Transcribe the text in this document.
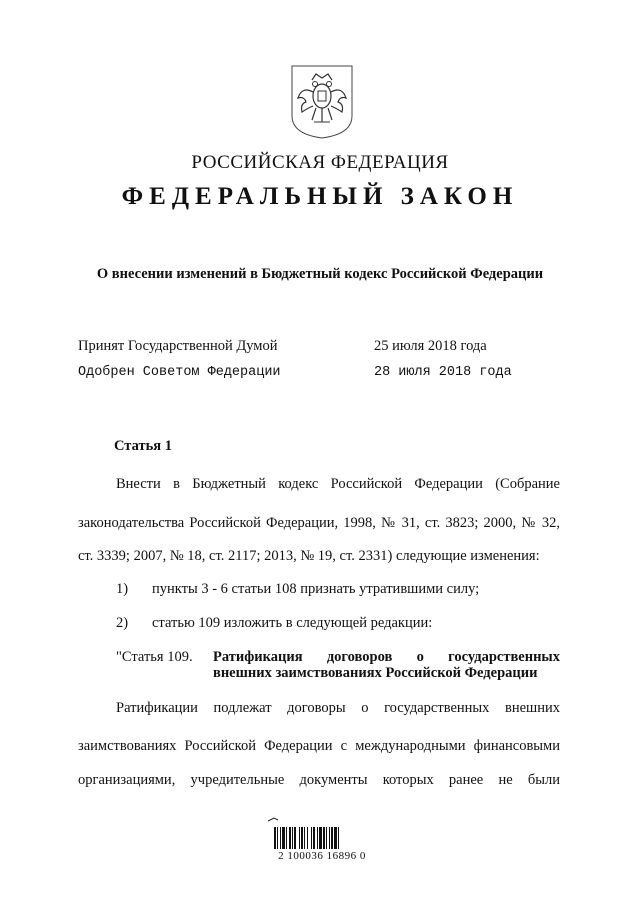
РОССИЙСКАЯ ФЕДЕРАЦИЯ
ФЕДЕРАЛЬНЫЙ ЗАКОН
О внесении изменений в Бюджетный кодекс Российской Федерации
Принят Государственной Думой	25 июля 2018 года
Одобрен Советом Федерации	28 июля 2018 года
Статья 1
Внести в Бюджетный кодекс Российской Федерации (Собрание
законодательства Российской Федерации, 1998, № 31, ст. 3823; 2000, № 32,
ст. 3339; 2007, № 18, ст. 2117; 2013, № 19, ст. 2331) следующие изменения:
1) пункты 3 - 6 статьи 108 признать утратившими силу;
2) статью 109 изложить в следующей редакции:
"Статья 109. Ратификация договоров о государственных
внешних заимствованиях Российской Федерации
Ратификации подлежат договоры о государственных внешних
заимствованиях Российской Федерации с международными финансовыми
организациями, учредительные документы которых ранее не были
2 100036 16896 0
